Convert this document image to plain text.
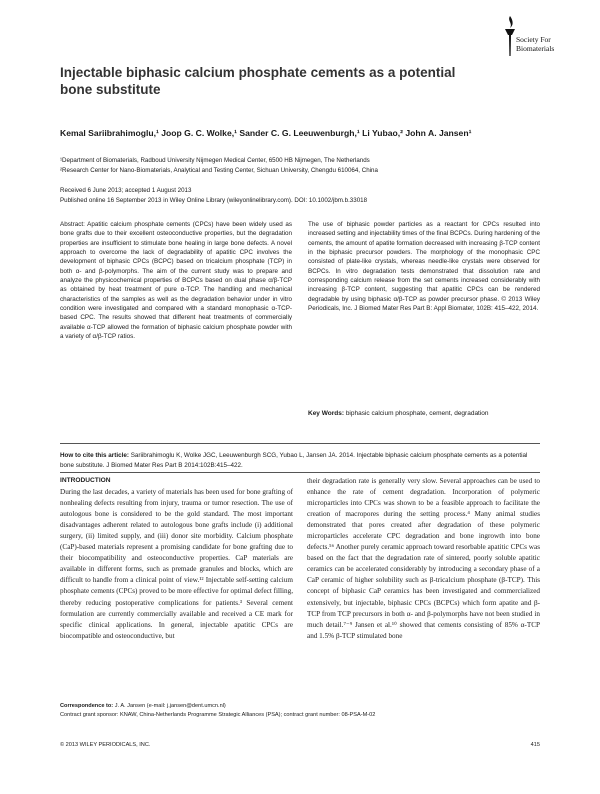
Society For
Biomaterials
Injectable biphasic calcium phosphate cements as a potential bone substitute
Kemal Sariibrahimoglu,¹ Joop G. C. Wolke,¹ Sander C. G. Leeuwenburgh,¹ Li Yubao,² John A. Jansen¹
¹Department of Biomaterials, Radboud University Nijmegen Medical Center, 6500 HB Nijmegen, The Netherlands
²Research Center for Nano-Biomaterials, Analytical and Testing Center, Sichuan University, Chengdu 610064, China
Received 6 June 2013; accepted 1 August 2013
Published online 16 September 2013 in Wiley Online Library (wileyonlinelibrary.com). DOI: 10.1002/jbm.b.33018
Abstract: Apatitic calcium phosphate cements (CPCs) have been widely used as bone grafts due to their excellent osteoconductive properties, but the degradation properties are insufficient to stimulate bone healing in large bone defects. A novel approach to overcome the lack of degradability of apatitic CPC involves the development of biphasic CPCs (BCPC) based on tricalcium phosphate (TCP) in both α- and β-polymorphs. The aim of the current study was to prepare and analyze the physicochemical properties of BCPCs based on dual phase α/β-TCP as obtained by heat treatment of pure α-TCP. The handling and mechanical characteristics of the samples as well as the degradation behavior under in vitro condition were investigated and compared with a standard monophasic α-TCP-based CPC. The results showed that different heat treatments of commercially available α-TCP allowed the formation of biphasic calcium phosphate powder with a variety of α/β-TCP ratios.
The use of biphasic powder particles as a reactant for CPCs resulted into increased setting and injectability times of the final BCPCs. During hardening of the cements, the amount of apatite formation decreased with increasing β-TCP content in the biphasic precursor powders. The morphology of the monophasic CPC consisted of plate-like crystals, whereas needle-like crystals were observed for BCPCs. In vitro degradation tests demonstrated that dissolution rate and corresponding calcium release from the set cements increased considerably with increasing β-TCP content, suggesting that apatitic CPCs can be rendered degradable by using biphasic α/β-TCP as powder precursor phase. © 2013 Wiley Periodicals, Inc. J Biomed Mater Res Part B: Appl Biomater, 102B: 415–422, 2014.
Key Words: biphasic calcium phosphate, cement, degradation
How to cite this article: Sariibrahimoglu K, Wolke JGC, Leeuwenburgh SCG, Yubao L, Jansen JA. 2014. Injectable biphasic calcium phosphate cements as a potential bone substitute. J Biomed Mater Res Part B 2014:102B:415–422.
INTRODUCTION
During the last decades, a variety of materials has been used for bone grafting of nonhealing defects resulting from injury, trauma or tumor resection. The use of autologous bone is considered to be the gold standard. The most important disadvantages adherent related to autologous bone grafts include (i) additional surgery, (ii) limited supply, and (iii) donor site morbidity. Calcium phosphate (CaP)-based materials represent a promising candidate for bone grafting due to their biocompatibility and osteoconductive properties. CaP materials are available in different forms, such as premade granules and blocks, which are difficult to handle from a clinical point of view.¹² Injectable self-setting calcium phosphate cements (CPCs) proved to be more effective for optimal defect filling, thereby reducing postoperative complications for patients.³ Several cement formulation are currently commercially available and received a CE mark for specific clinical applications. In general, injectable apatitic CPCs are biocompatible and osteoconductive, but
their degradation rate is generally very slow. Several approaches can be used to enhance the rate of cement degradation. Incorporation of polymeric microparticles into CPCs was shown to be a feasible approach to facilitate the creation of macropores during the setting process.⁴ Many animal studies demonstrated that pores created after degradation of these polymeric microparticles accelerate CPC degradation and bone ingrowth into bone defects.⁵⁶ Another purely ceramic approach toward resorbable apatitic CPCs was based on the fact that the degradation rate of sintered, poorly soluble apatitic ceramics can be accelerated considerably by introducing a secondary phase of a CaP ceramic of higher solubility such as β-tricalcium phosphate (β-TCP). This concept of biphasic CaP ceramics has been investigated and commercialized extensively, but injectable, biphasic CPCs (BCPCs) which form apatite and β-TCP from TCP precursors in both α- and β-polymorphs have not been studied in much detail.⁷⁻⁹ Jansen et al.¹⁰ showed that cements consisting of 85% α-TCP and 1.5% β-TCP stimulated bone
Correspondence to: J. A. Jansen (e-mail: j.jansen@dent.umcn.nl)
Contract grant sponsor: KNAW, China-Netherlands Programme Strategic Alliances (PSA); contract grant number: 08-PSA-M-02
© 2013 WILEY PERIODICALS, INC.	415
